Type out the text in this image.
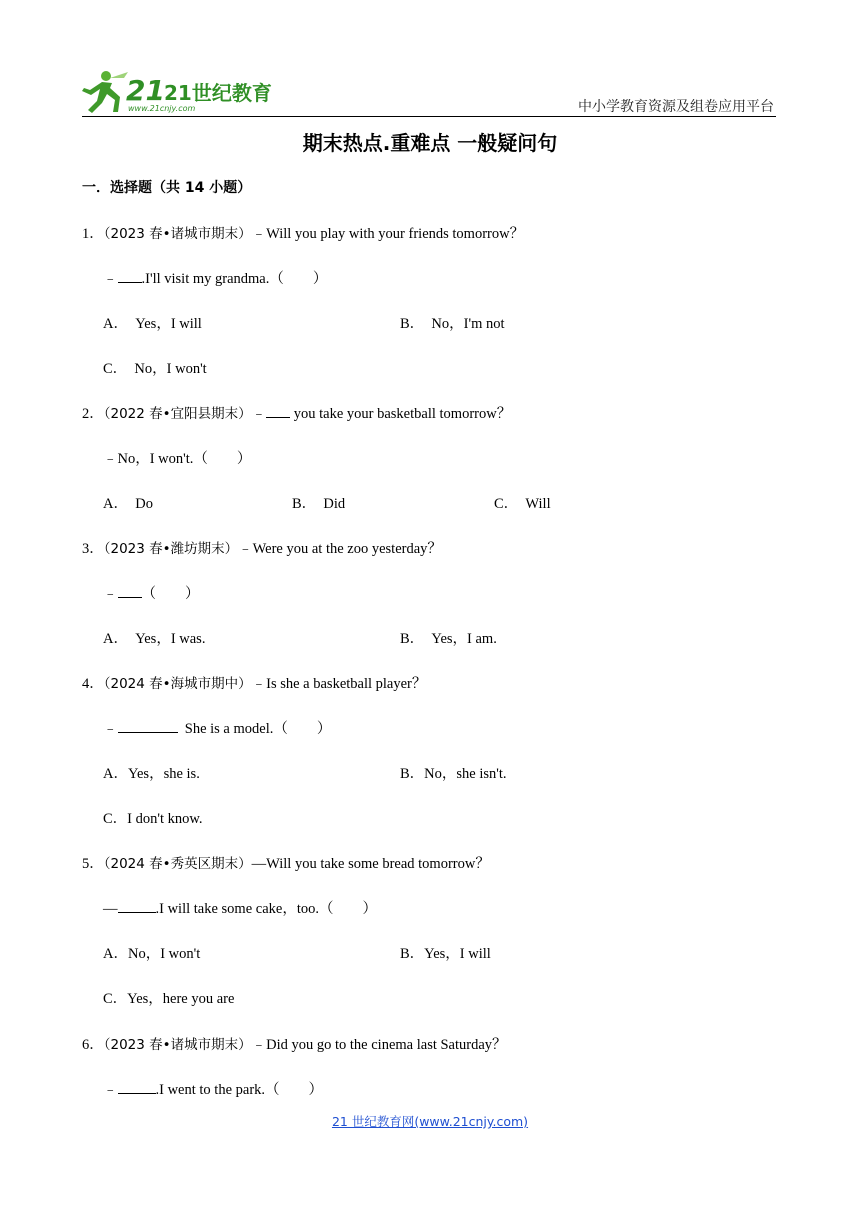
21 21世纪教育
www.21cnjy.com	中小学教育资源及组卷应用平台
期末热点.重难点 一般疑问句
一．选择题（共 14 小题）
1．（2023 春•诸城市期末）﹣Will you play with your friends tomorrow？
﹣ .I'll visit my grandma.（　　）
A．　Yes，I will	B．　No，I'm not
C．　No，I won't
2．（2022 春•宜阳县期末）﹣ you take your basketball tomorrow？
﹣No，I won't.（　　）
A．　Do	B．　Did	C．　Will
3．（2023 春•潍坊期末）﹣Were you at the zoo yesterday？
﹣ （　　）
A．　Yes，I was.	B．　Yes，I am.
4．（2024 春•海城市期中）﹣Is she a basketball player？
﹣	She is a model.（　　）
A．Yes，she is.	B．No，she isn't.
C．I don't know.
5．（2024 春•秀英区期末）—Will you take some bread tomorrow？
—	.I will take some cake，too.（　　）
A．No，I won't	B．Yes，I will
C．Yes，here you are
6．（2023 春•诸城市期末）﹣Did you go to the cinema last Saturday？
﹣	.I went to the park.（　　）
21 世纪教育网(www.21cnjy.com)
